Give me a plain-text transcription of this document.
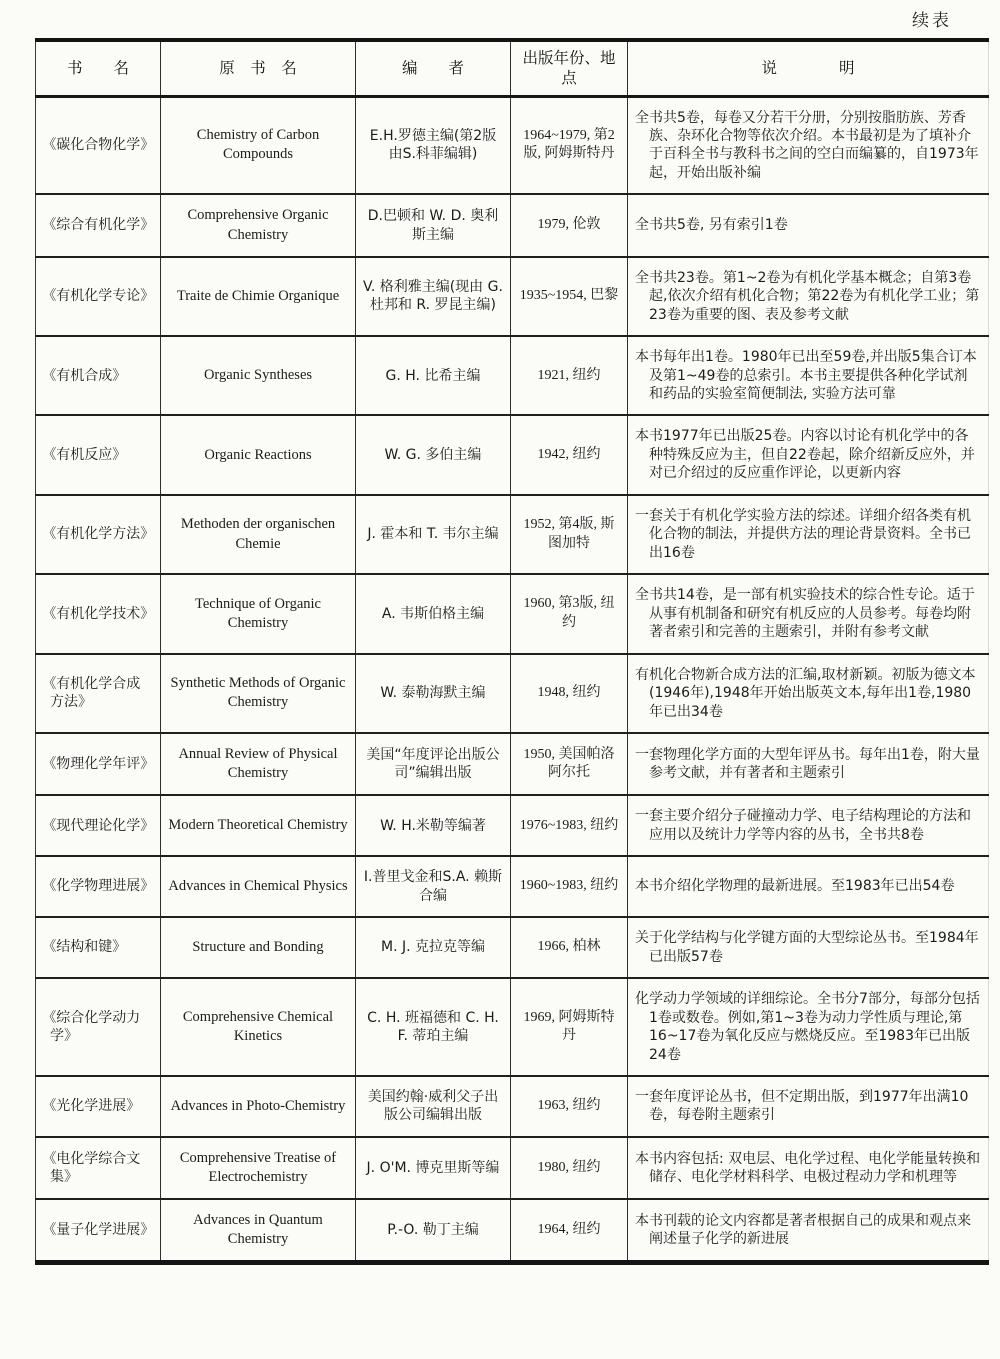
续表
书　　名	原　书　名	编　　者	出版年份、地点	说　　　　明
《碳化合物化学》	Chemistry of Carbon Compounds	E.H.罗德主编(第2版由S.科菲编辑)	1964~1979, 第2版, 阿姆斯特丹	全书共5卷，每卷又分若干分册，分别按脂肪族、芳香族、杂环化合物等依次介绍。本书最初是为了填补介于百科全书与教科书之间的空白而编纂的，自1973年起，开始出版补编
《综合有机化学》	Comprehensive Organic Chemistry	D.巴顿和 W. D. 奥利斯主编	1979, 伦敦	全书共5卷, 另有索引1卷
《有机化学专论》	Traite de Chimie Organique	V. 格利雅主编(现由 G. 杜邦和 R. 罗昆主编)	1935~1954, 巴黎	全书共23卷。第1~2卷为有机化学基本概念；自第3卷起,依次介绍有机化合物；第22卷为有机化学工业；第23卷为重要的图、表及参考文献
《有机合成》	Organic Syntheses	G. H. 比希主编	1921, 纽约	本书每年出1卷。1980年已出至59卷,并出版5集合订本及第1~49卷的总索引。本书主要提供各种化学试剂和药品的实验室简便制法, 实验方法可靠
《有机反应》	Organic Reactions	W. G. 多伯主编	1942, 纽约	本书1977年已出版25卷。内容以讨论有机化学中的各种特殊反应为主，但自22卷起，除介绍新反应外，并对已介绍过的反应重作评论，以更新内容
《有机化学方法》	Methoden der organischen Chemie	J. 霍本和 T. 韦尔主编	1952, 第4版, 斯图加特	一套关于有机化学实验方法的综述。详细介绍各类有机化合物的制法，并提供方法的理论背景资料。全书已出16卷
《有机化学技术》	Technique of Organic Chemistry	A. 韦斯伯格主编	1960, 第3版, 纽约	全书共14卷，是一部有机实验技术的综合性专论。适于从事有机制备和研究有机反应的人员参考。每卷均附著者索引和完善的主题索引，并附有参考文献
《有机化学合成方法》	Synthetic Methods of Organic Chemistry	W. 泰勒海默主编	1948, 纽约	有机化合物新合成方法的汇编,取材新颖。初版为德文本(1946年),1948年开始出版英文本,每年出1卷,1980年已出34卷
《物理化学年评》	Annual Review of Physical Chemistry	美国“年度评论出版公司”编辑出版	1950, 美国帕洛阿尔托	一套物理化学方面的大型年评丛书。每年出1卷，附大量参考文献，并有著者和主题索引
《现代理论化学》	Modern Theoretical Chemistry	W. H.米勒等编著	1976~1983, 纽约	一套主要介绍分子碰撞动力学、电子结构理论的方法和应用以及统计力学等内容的丛书，全书共8卷
《化学物理进展》	Advances in Chemical Physics	I.普里戈金和S.A. 赖斯合编	1960~1983, 纽约	本书介绍化学物理的最新进展。至1983年已出54卷
《结构和键》	Structure and Bonding	M. J. 克拉克等编	1966, 柏林	关于化学结构与化学键方面的大型综论丛书。至1984年已出版57卷
《综合化学动力学》	Comprehensive Chemical Kinetics	C. H. 班福德和 C. H. F. 蒂珀主编	1969, 阿姆斯特丹	化学动力学领域的详细综论。全书分7部分，每部分包括1卷或数卷。例如,第1~3卷为动力学性质与理论,第16~17卷为氧化反应与燃烧反应。至1983年已出版24卷
《光化学进展》	Advances in Photo-Chemistry	美国约翰·威利父子出版公司编辑出版	1963, 纽约	一套年度评论丛书，但不定期出版，到1977年出满10卷，每卷附主题索引
《电化学综合文集》	Comprehensive Treatise of Electrochemistry	J. O'M. 博克里斯等编	1980, 纽约	本书内容包括: 双电层、电化学过程、电化学能量转换和储存、电化学材料科学、电极过程动力学和机理等
《量子化学进展》	Advances in Quantum Chemistry	P.-O. 勒丁主编	1964, 纽约	本书刊载的论文内容都是著者根据自己的成果和观点来阐述量子化学的新进展
